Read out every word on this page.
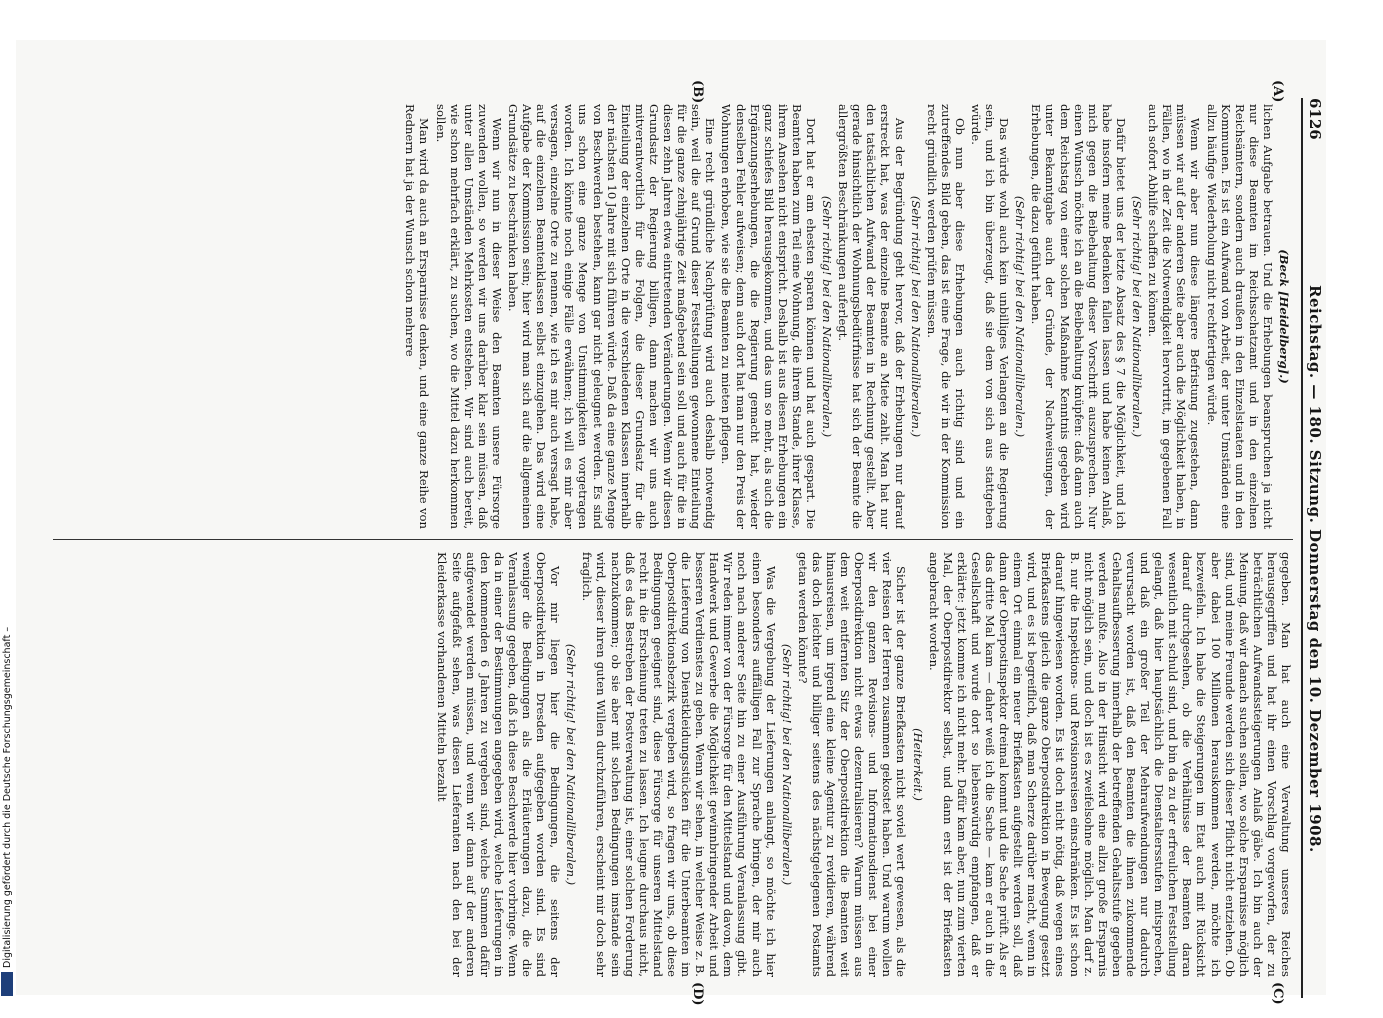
6126
Reichstag. — 180. Sitzung. Donnerstag den 10. Dezember 1908.
(A)
(B)
(C)
(D)

(Beck [Heidelberg].)

lichen Aufgabe betrauen. Und die Erhebungen beanspruchen ja nicht nur diese Beamten im Reichsschatzamt und in den einzelnen Reichsämtern, sondern auch draußen in den Einzelstaaten und in den Kommunen. Es ist ein Aufwand von Arbeit, der unter Umständen eine allzu häufige Wiederholung nicht rechtfertigen würde.

Wenn wir aber nun diese längere Befristung zugestehen, dann müssen wir auf der anderen Seite aber auch die Möglichkeit haben, in Fällen, wo in der Zeit die Notwendigkeit hervortritt, im gegebenen Fall auch sofort Abhilfe schaffen zu können.

(Sehr richtig! bei den Nationalliberalen.)

Dafür bietet uns der letzte Absatz des § 7 die Möglichkeit, und ich habe insofern meine Bedenken fallen lassen und habe keinen Anlaß, mich gegen die Beibehaltung dieser Vorschrift auszusprechen. Nur einen Wunsch möchte ich an die Beibehaltung knüpfen: daß dann auch dem Reichstag von einer solchen Maßnahme Kenntnis gegeben wird unter Bekanntgabe auch der Gründe, der Nachweisungen, der Erhebungen, die dazu geführt haben.

(Sehr richtig! bei den Nationalliberalen.)

Das würde wohl auch kein unbilliges Verlangen an die Regierung sein, und ich bin überzeugt, daß sie dem von sich aus stattgeben würde.

Ob nun aber diese Erhebungen auch richtig sind und ein zutreffendes Bild geben, das ist eine Frage, die wir in der Kommission recht gründlich werden prüfen müssen.

(Sehr richtig! bei den Nationalliberalen.)

Aus der Begründung geht hervor, daß der Erhebungen nur darauf erstreckt hat, was der einzelne Beamte an Miete zahlt. Man hat nur den tatsächlichen Aufwand der Beamten in Rechnung gestellt. Aber gerade hinsichtlich der Wohnungsbedürfnisse hat sich der Beamte die allergrößten Beschränkungen auferlegt.

(Sehr richtig! bei den Nationalliberalen.)

Dort hat er am ehesten sparen können und hat auch gespart. Die Beamten haben zum Teil eine Wohnung, die ihrem Stande, ihrer Klasse, ihrem Ansehen nicht entspricht. Deshalb ist aus diesen Erhebungen ein ganz schiefes Bild herausgekommen, und das um so mehr, als auch die Ergänzungserhebungen, die die Regierung gemacht hat, wieder denselben Fehler aufweisen; denn auch dort hat man nur den Preis der Wohnungen erhoben, wie sie die Beamten zu mieten pflegen.

Eine recht gründliche Nachprüfung wird auch deshalb notwendig sein, weil die auf Grund dieser Feststellungen gewonnene Einteilung für die ganze zehnjährige Zeit maßgebend sein soll und auch für die in diesen zehn Jahren etwa eintretenden Veränderungen. Wenn wir diesen Grundsatz der Regierung billigen, dann machen wir uns auch mitverantwortlich für die Folgen, die dieser Grundsatz für die Einteilung der einzelnen Orte in die verschiedenen Klassen innerhalb der nächsten 10 Jahre mit sich führen würde. Daß da eine ganze Menge von Beschwerden bestehen, kann gar nicht geleugnet werden. Es sind uns schon eine ganze Menge von Unstimmigkeiten vorgetragen worden. Ich könnte noch einige Fälle erwähnen; ich will es mir aber versagen, einzelne Orte zu nennen, wie ich es mir auch versagt habe, auf die einzelnen Beamtenklassen selbst einzugehen. Das wird eine Aufgabe der Kommission sein; hier wird man sich auf die allgemeinen Grundsätze zu beschränken haben.

Wenn wir nun in dieser Weise den Beamten unsere Fürsorge zuwenden wollen, so werden wir uns darüber klar sein müssen, daß unter allen Umständen Mehrkosten entstehen. Wir sind auch bereit, wie schon mehrfach erklärt, zu suchen, wo die Mittel dazu herkommen sollen.

Man wird da auch an Ersparnisse denken, und eine ganze Reihe von Rednern hat ja der Wunsch schon mehrere

gegeben. Man hat auch eine Verwaltung unseres Reiches herausgegriffen und hat ihr einen Vorschlag vorgeworfen, der zu beträchtlichen Aufwandssteigerungen Anlaß gäbe. Ich bin auch der Meinung, daß wir danach suchen sollen, wo solche Ersparnisse möglich sind, und meine Freunde werden sich dieser Pflicht nicht entziehen. Ob aber dabei 100 Millionen herauskommen werden, möchte ich bezweifeln. Ich habe die Steigerungen im Etat auch mit Rücksicht darauf durchgesehen, ob die Verhältnisse der Beamten daran wesentlich mit schuld sind, und bin da zu der erfreulichen Feststellung gelangt, daß hier hauptsächlich die Dienstaltersstufen mitsprechen, und daß ein großer Teil der Mehraufwendungen nur dadurch verursacht worden ist, daß den Beamten die ihnen zukommende Gehaltsaufbesserung innerhalb der betreffenden Gehaltsstufe gegeben werden mußte. Also in der Hinsicht wird eine allzu große Ersparnis nicht möglich sein, und doch ist es zweifelsohne möglich. Man darf z. B. nur die Inspektions- und Revisionsreisen einschränken. Es ist schon darauf hingewiesen worden. Es ist doch nicht nötig, daß wegen eines Briefkastens gleich die ganze Oberpostdirektion in Bewegung gesetzt wird, und es ist begreiflich, daß man Scherze darüber macht, wenn in einem Ort einmal ein neuer Briefkasten aufgestellt werden soll, daß dann der Oberpostinspektor dreimal kommt und die Sache prüft. Als er das dritte Mal kam — daher weiß ich die Sache — kam er auch in die Gesellschaft und wurde dort so liebenswürdig empfangen, daß er erklärte: jetzt komme ich nicht mehr. Dafür kam aber, nun zum vierten Mal, der Oberpostdirektor selbst, und dann erst ist der Briefkasten angebracht worden.

(Heiterkeit.)

Sicher ist der ganze Briefkasten nicht soviel wert gewesen, als die vier Reisen der Herren zusammen gekostet haben. Und warum wollen wir den ganzen Revisions- und Informationsdienst bei einer Oberpostdirektion nicht etwas dezentralisieren? Warum müssen aus dem weit entfernten Sitz der Oberpostdirektion die Beamten weit hinausreisen, um irgend eine kleine Agentur zu revidieren, während das doch leichter und billiger seitens des nächstgelegenen Postamts getan werden könnte?

(Sehr richtig! bei den Nationalliberalen.)

Was die Vergebung der Lieferungen anlangt, so möchte ich hier einen besonders auffälligen Fall zur Sprache bringen, der mir auch noch nach anderer Seite hin zu einer Ausführung Veranlassung gibt. Wir reden immer von der Fürsorge für den Mittelstand und davon, dem Handwerk und Gewerbe die Möglichkeit gewinnbringender Arbeit und besseren Verdienstes zu geben. Wenn wir sehen, in welcher Weise z. B. die Lieferung von Dienstkleidungsstücken für die Unterbeamten im Oberpostdirektionsbezirk vergeben wird, so fragen wir uns, ob diese Bedingungen geeignet sind, diese Fürsorge für unseren Mittelstand recht in die Erscheinung treten zu lassen. Ich leugne durchaus nicht, daß es das Bestreben der Postverwaltung ist, einer solchen Forderung nachzukommen; ob sie aber mit solchen Bedingungen imstande sein wird, dieser ihren guten Willen durchzuführen, erscheint mir doch sehr fraglich.

(Sehr richtig! bei den Nationalliberalen.)

Vor mir liegen hier die Bedingungen, die seitens der Oberpostdirektion in Dresden aufgegeben worden sind. Es sind weniger die Bedingungen als die Erläuterungen dazu, die die Veranlassung gegeben, daß ich diese Beschwerde hier vorbringe. Wenn da in einer der Bestimmungen angegeben wird, welche Lieferungen in den kommenden 6 Jahren zu vergeben sind, welche Summen dafür aufgewendet werden müssen, und wenn wir dann auf der anderen Seite aufgefaßt sehen, was diesen Lieferanten nach den bei der Kleiderkasse vorhandenen Mitteln bezahlt

Digitalisierung gefördert durch die Deutsche Forschungsgemeinschaft –
